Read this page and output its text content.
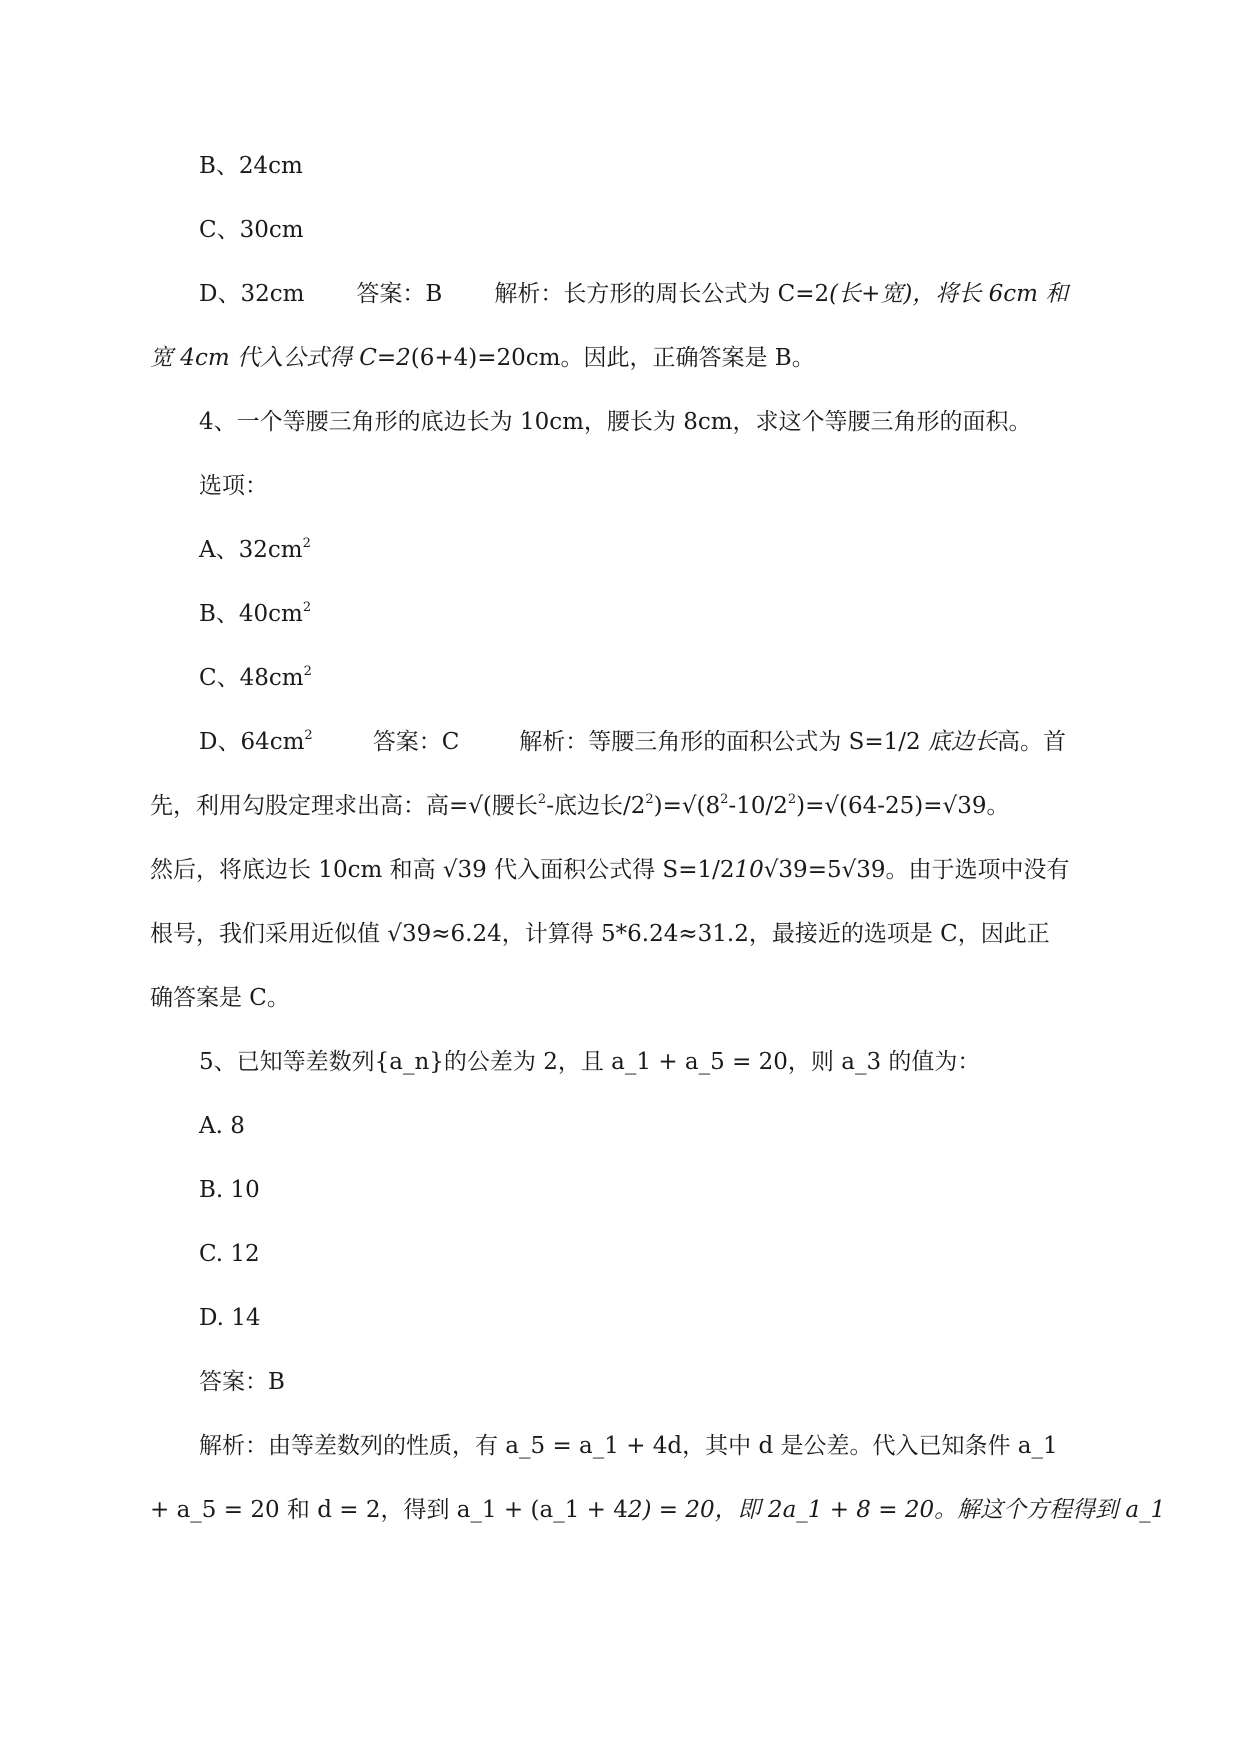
B、24cm
C、30cm
D、32cm 答案：B 解析：长方形的周长公式为 C=2(长+宽)，将长 6cm 和
宽 4cm 代入公式得 C=2(6+4)=20cm。因此，正确答案是 B。
4、一个等腰三角形的底边长为 10cm，腰长为 8cm，求这个等腰三角形的面积。
选项：
A、$32cm^2$
B、$40cm^2$
C、$48cm^2$
D、$64cm^2$	答案：C	解析：等腰三角形的面积公式为 S=1/2 底边长高。首
先，利用勾股定理求出高：高=√(腰长$^2$-底边长$/2^2)=√(8^2-10/2^2)=√(64-25)=√39$。
然后，将底边长 10cm 和高 √39 代入面积公式得 S=1/210√39=5√39。由于选项中没有
根号，我们采用近似值 √39≈6.24，计算得 5*6.24≈31.2，最接近的选项是 C，因此正
确答案是 C。
5、已知等差数列{a_n}的公差为 2，且 a_1 + a_5 = 20，则 a_3 的值为：
A. 8
B. 10
C. 12
D. 14
答案：B
解析：由等差数列的性质，有 a_5 = a_1 + 4d，其中 d 是公差。代入已知条件 a_1
+ a_5 = 20 和 d = 2，得到 a_1 + (a_1 + 42) = 20，即 2a_1 + 8 = 20。解这个方程得到 a_1
